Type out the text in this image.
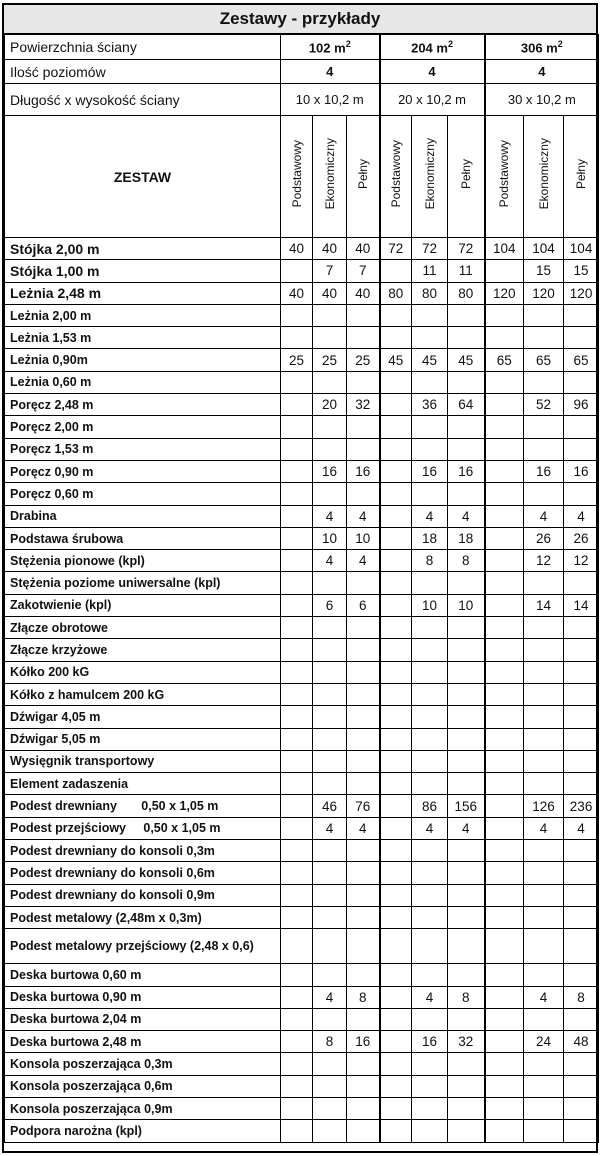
Zestawy - przykłady
Powierzchnia ściany	102 $m^2$			204 $m^2$			306 $m^2$
Ilość poziomów	4			4			4		
Długość x wysokość ściany	10 x 10,2 m			20 x 10,2 m			30 x 10,2 m		
ZESTAW	Podstawowy	Ekonomiczny	Pełny	Podstawowy	Ekonomiczny	Pełny	Podstawowy	Ekonomiczny	Pełny
Stójka 2,00 m	40	40	40	72	72	72	104	104	104
Stójka 1,00 m		7	7		11	11		15	15
Leżnia 2,48 m	40	40	40	80	80	80	120	120	120
Leżnia 2,00 m									
Leżnia 1,53 m									
Leżnia 0,90m	25	25	25	45	45	45	65	65	65
Leżnia 0,60 m									
Poręcz 2,48 m		20	32		36	64		52	96
Poręcz 2,00 m									
Poręcz 1,53 m									
Poręcz 0,90 m		16	16		16	16		16	16
Poręcz 0,60 m									
Drabina		4	4		4	4		4	4
Podstawa śrubowa		10	10		18	18		26	26
Stężenia pionowe (kpl)		4	4		8	8		12	12
Stężenia poziome uniwersalne (kpl)									
Zakotwienie (kpl)		6	6		10	10		14	14
Złącze obrotowe									
Złącze krzyżowe									
Kółko 200 kG									
Kółko z hamulcem 200 kG									
Dźwigar 4,05 m									
Dźwigar 5,05 m									
Wysięgnik transportowy									
Element zadaszenia									
Podest drewniany       0,50 x 1,05 m		46	76		86	156		126	236
Podest przejściowy     0,50 x 1,05 m		4	4		4	4		4	4
Podest drewniany do konsoli 0,3m									
Podest drewniany do konsoli 0,6m									
Podest drewniany do konsoli 0,9m									
Podest metalowy (2,48m x 0,3m)									
Podest metalowy przejściowy (2,48 x 0,6)									
Deska burtowa 0,60 m									
Deska burtowa 0,90 m		4	8		4	8		4	8
Deska burtowa 2,04 m									
Deska burtowa 2,48 m		8	16		16	32		24	48
Konsola poszerzająca 0,3m									
Konsola poszerzająca 0,6m									
Konsola poszerzająca 0,9m									
Podpora narożna (kpl)									
